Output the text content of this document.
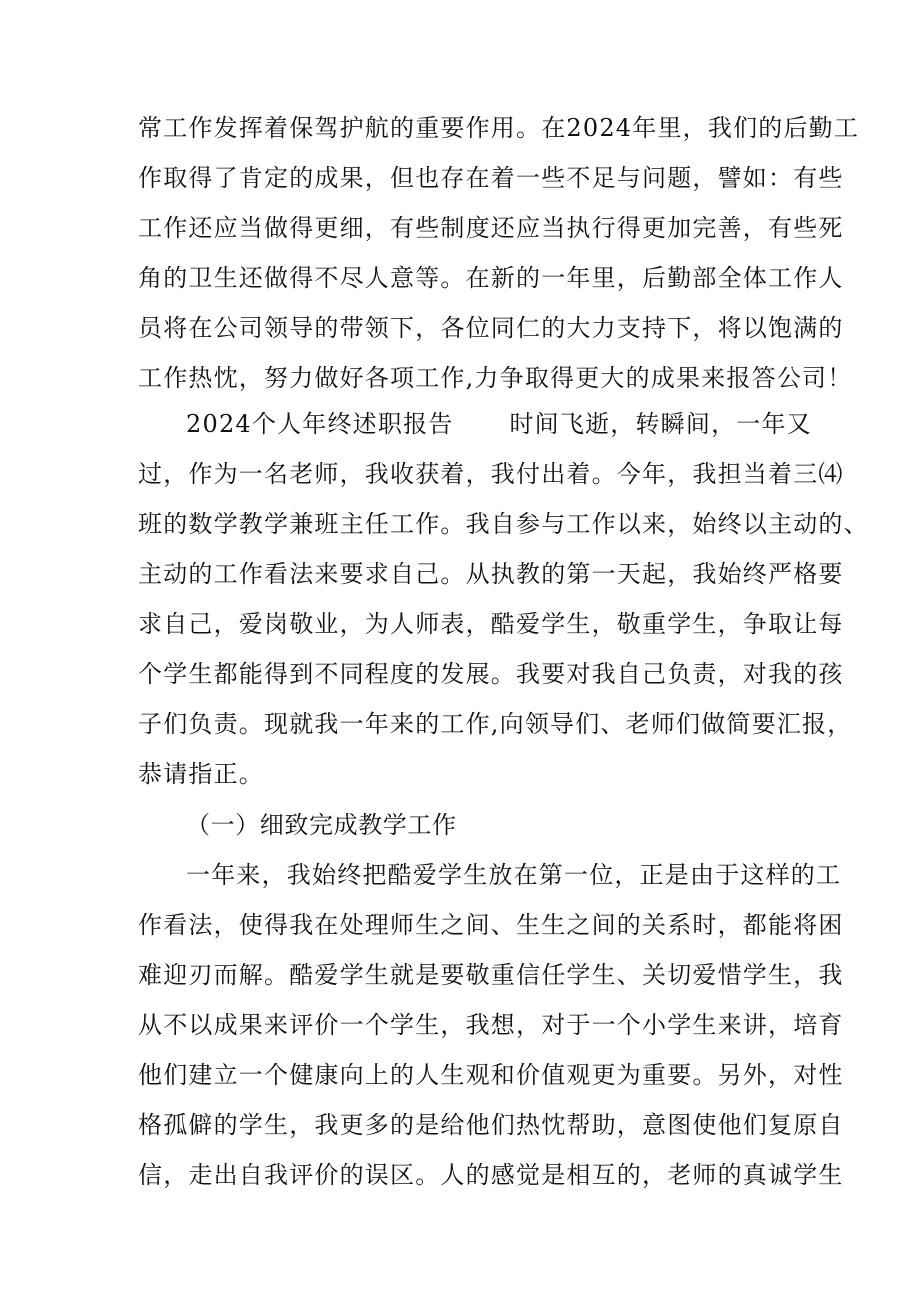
常工作发挥着保驾护航的重要作用。在2024年里，我们的后勤工
作取得了肯定的成果，但也存在着一些不足与问题，譬如：有些
工作还应当做得更细，有些制度还应当执行得更加完善，有些死
角的卫生还做得不尽人意等。在新的一年里，后勤部全体工作人
员将在公司领导的带领下，各位同仁的大力支持下，将以饱满的
工作热忱，努力做好各项工作,力争取得更大的成果来报答公司！
2024个人年终述职报告 时间飞逝，转瞬间，一年又
过，作为一名老师，我收获着，我付出着。今年，我担当着三⑷
班的数学教学兼班主任工作。我自参与工作以来，始终以主动的、
主动的工作看法来要求自己。从执教的第一天起，我始终严格要
求自己，爱岗敬业，为人师表，酷爱学生，敬重学生，争取让每
个学生都能得到不同程度的发展。我要对我自己负责，对我的孩
子们负责。现就我一年来的工作,向领导们、老师们做简要汇报，
恭请指正。
（一）细致完成教学工作
一年来，我始终把酷爱学生放在第一位，正是由于这样的工
作看法，使得我在处理师生之间、生生之间的关系时，都能将困
难迎刃而解。酷爱学生就是要敬重信任学生、关切爱惜学生，我
从不以成果来评价一个学生，我想，对于一个小学生来讲，培育
他们建立一个健康向上的人生观和价值观更为重要。另外，对性
格孤僻的学生，我更多的是给他们热忱帮助，意图使他们复原自
信，走出自我评价的误区。人的感觉是相互的，老师的真诚学生
